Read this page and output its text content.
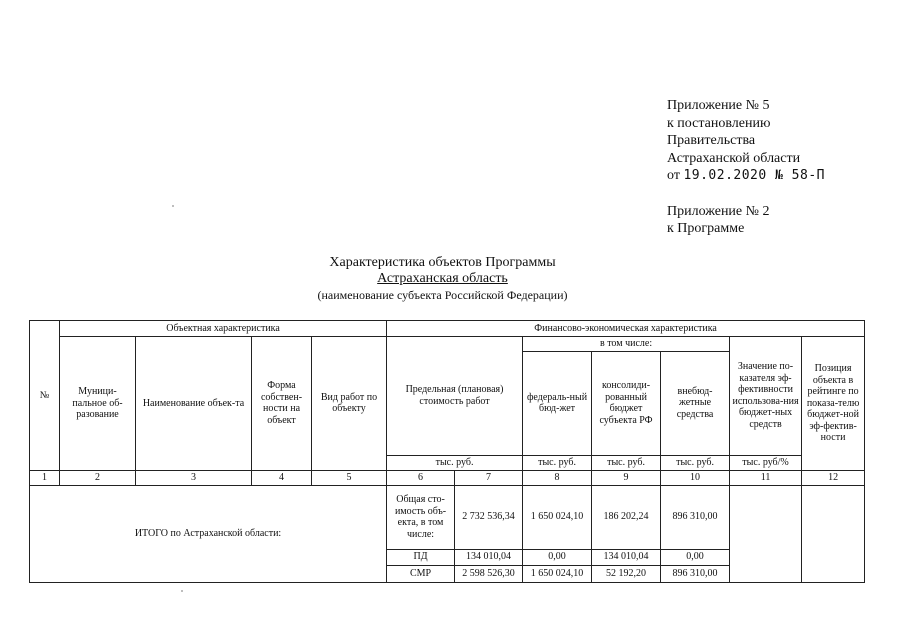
Приложение № 5
к постановлению
Правительства
Астраханской области
от 19.02.2020 № 58-П
Приложение № 2
к Программе
Характеристика объектов Программы
Астраханская область
(наименование субъекта Российской Федерации)
№	Объектная характеристика				Финансово-экономическая характеристика						
	Муници-пальное об-разование	Наименование объек-та	Форма собствен-ности на объект	Вид работ по объекту	Предельная (плановая) стоимость работ		в том числе:			Значение по-казателя эф-фективности использова-ния бюджет-ных средств	Позиция объекта в рейтинге по показа-телю бюджет-ной эф-фектив-ности
							федераль-ный бюд-жет	консолиди-рованный бюджет субъекта РФ	внебюд-жетные средства		
					тыс. руб.		тыс. руб.	тыс. руб.	тыс. руб.	тыс. руб/%	
1	2	3	4	5	6	7	8	9	10	11	12
ИТОГО по Астраханской области:					Общая сто-имость объ-екта, в том числе:	2 732 536,34	1 650 024,10	186 202,24	896 310,00		
					ПД	134 010,04	0,00	134 010,04	0,00		
					СМР	2 598 526,30	1 650 024,10	52 192,20	896 310,00		
